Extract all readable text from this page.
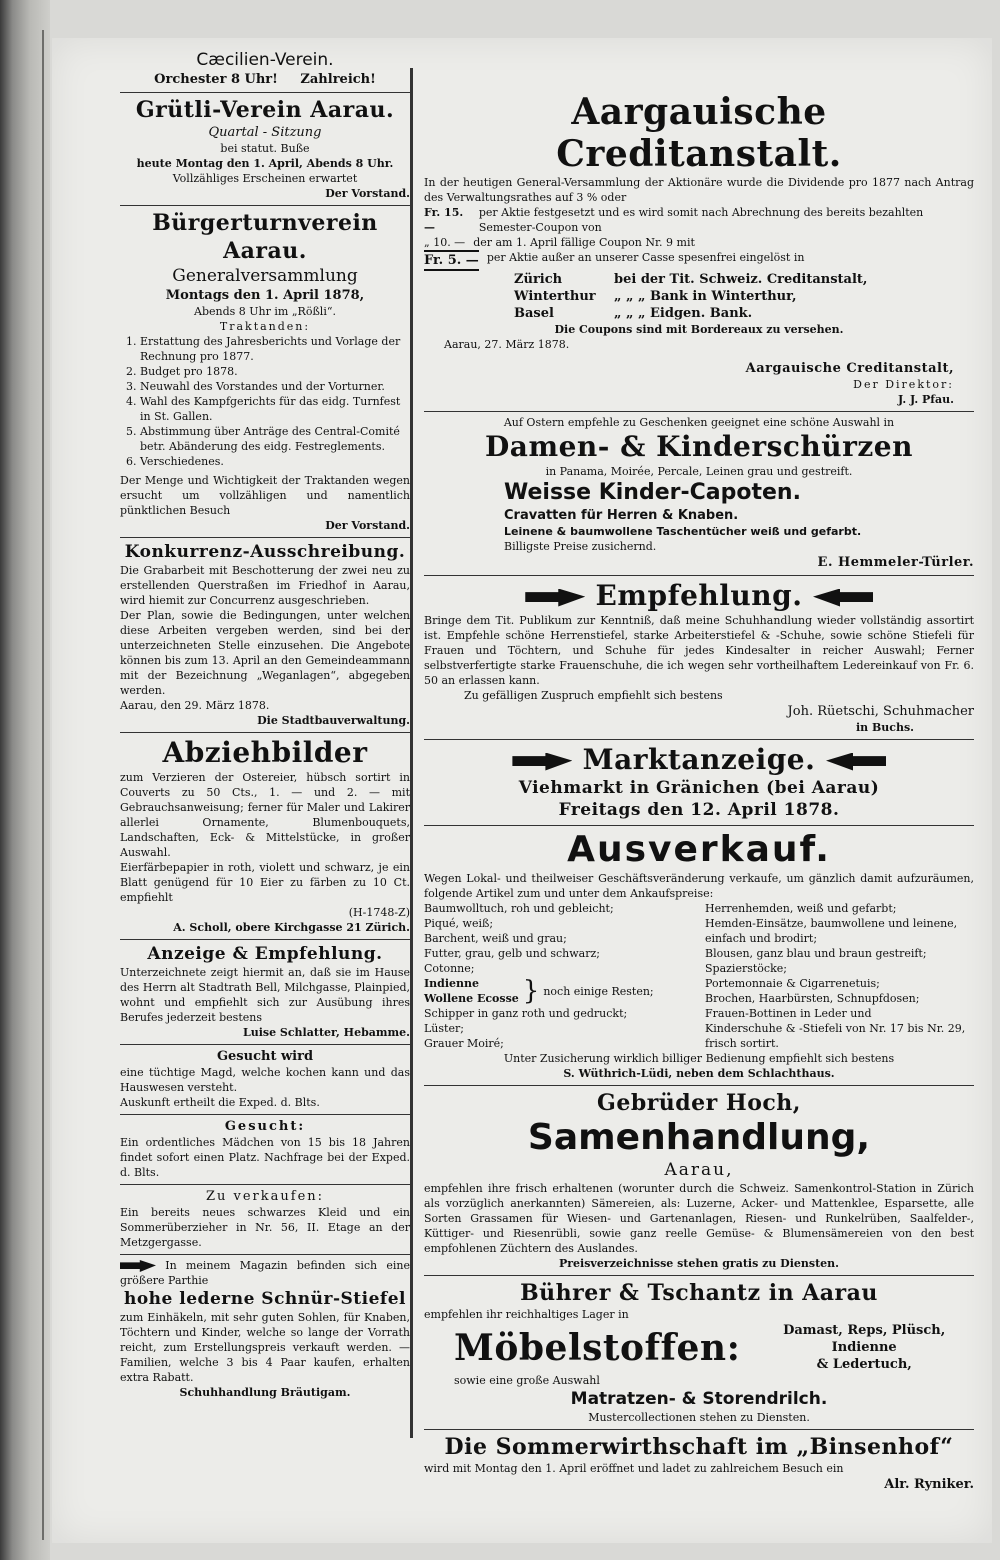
Cæcilien-Verein.
Orchester 8 Uhr! Zahlreich!
Grütli-Verein Aarau.
Quartal - Sitzung
bei statut. Buße
heute Montag den 1. April, Abends 8 Uhr.
Vollzähliges Erscheinen erwartet
Der Vorstand.
Bürgerturnverein Aarau.
Generalversammlung
Montags den 1. April 1878,
Abends 8 Uhr im „Rößli“.
Traktanden:
1. Erstattung des Jahresberichts und Vorlage der Rechnung pro 1877.
2. Budget pro 1878.
3. Neuwahl des Vorstandes und der Vorturner.
4. Wahl des Kampfgerichts für das eidg. Turnfest in St. Gallen.
5. Abstimmung über Anträge des Central-Comité betr. Abänderung des eidg. Festreglements.
6. Verschiedenes.
Der Menge und Wichtigkeit der Traktanden wegen ersucht um vollzähligen und namentlich pünktlichen Besuch
Der Vorstand.
Konkurrenz-Ausschreibung.
Die Grabarbeit mit Beschotterung der zwei neu zu erstellenden Querstraßen im Friedhof in Aarau, wird hiemit zur Concurrenz ausgeschrieben.
Der Plan, sowie die Bedingungen, unter welchen diese Arbeiten vergeben werden, sind bei der unterzeichneten Stelle einzusehen. Die Angebote können bis zum 13. April an den Gemeindeammann mit der Bezeichnung „Weganlagen“, abgegeben werden.
Aarau, den 29. März 1878.
Die Stadtbauverwaltung.
Abziehbilder
zum Verzieren der Ostereier, hübsch sortirt in Couverts zu 50 Cts., 1. — und 2. — mit Gebrauchsanweisung; ferner für Maler und Lakirer allerlei Ornamente, Blumenbouquets, Landschaften, Eck- & Mittelstücke, in großer Auswahl.
Eierfärbepapier in roth, violett und schwarz, je ein Blatt genügend für 10 Eier zu färben zu 10 Ct. empfiehlt
(H-1748-Z)
A. Scholl, obere Kirchgasse 21 Zürich.
Anzeige & Empfehlung.
Unterzeichnete zeigt hiermit an, daß sie im Hause des Herrn alt Stadtrath Bell, Milchgasse, Plainpied, wohnt und empfiehlt sich zur Ausübung ihres Berufes jederzeit bestens
Luise Schlatter, Hebamme.
Gesucht wird
eine tüchtige Magd, welche kochen kann und das Hauswesen versteht.
Auskunft ertheilt die Exped. d. Blts.
Gesucht:
Ein ordentliches Mädchen von 15 bis 18 Jahren findet sofort einen Platz. Nachfrage bei der Exped. d. Blts.
Zu verkaufen:
Ein bereits neues schwarzes Kleid und ein Sommerüberzieher in Nr. 56, II. Etage an der Metzgergasse.
In meinem Magazin befinden sich eine größere Parthie
hohe lederne Schnür-Stiefel
zum Einhäkeln, mit sehr guten Sohlen, für Knaben, Töchtern und Kinder, welche so lange der Vorrath reicht, zum Erstellungspreis verkauft werden. — Familien, welche 3 bis 4 Paar kaufen, erhalten extra Rabatt.
Schuhhandlung Bräutigam.
Aargauische Creditanstalt.
In der heutigen General-Versammlung der Aktionäre wurde die Dividende pro 1877 nach Antrag des Verwaltungsrathes auf 3 % oder
Fr. 15. —
per Aktie festgesetzt und es wird somit nach Abrechnung des bereits bezahlten Semester-Coupon von
„ 10. — der am 1. April fällige Coupon Nr. 9 mit
Fr. 5. — per Aktie außer an unserer Casse spesenfrei eingelöst in
Zürich	bei der Tit. Schweiz. Creditanstalt,
Winterthur	„ „ „ Bank in Winterthur,
Basel	„ „ „ Eidgen. Bank.
Die Coupons sind mit Bordereaux zu versehen.
Aarau, 27. März 1878.
Aargauische Creditanstalt,
Der Direktor:
J. J. Pfau.
Auf Ostern empfehle zu Geschenken geeignet eine schöne Auswahl in
Damen- & Kinderschürzen
in Panama, Moirée, Percale, Leinen grau und gestreift.
Weisse Kinder-Capoten.
Cravatten für Herren & Knaben.
Leinene & baumwollene Taschentücher weiß und gefarbt.
Billigste Preise zusichernd.
E. Hemmeler-Türler.
Empfehlung.
Bringe dem Tit. Publikum zur Kenntniß, daß meine Schuhhandlung wieder vollständig assortirt ist. Empfehle schöne Herrenstiefel, starke Arbeiterstiefel & -Schuhe, sowie schöne Stiefeli für Frauen und Töchtern, und Schuhe für jedes Kindesalter in reicher Auswahl; Ferner selbstverfertigte starke Frauenschuhe, die ich wegen sehr vortheilhaftem Ledereinkauf von Fr. 6. 50 an erlassen kann.
Zu gefälligen Zuspruch empfiehlt sich bestens
Joh. Rüetschi, Schuhmacher
in Buchs.
Marktanzeige.
Viehmarkt in Gränichen (bei Aarau)
Freitags den 12. April 1878.
Ausverkauf.
Wegen Lokal- und theilweiser Geschäftsveränderung verkaufe, um gänzlich damit aufzuräumen, folgende Artikel zum und unter dem Ankaufspreise:
Baumwolltuch, roh und gebleicht;
Piqué, weiß;
Barchent, weiß und grau;
Futter, grau, gelb und schwarz;
Cotonne;
Indienne
Wollene Ecosse } noch einige Resten;
Schipper in ganz roth und gedruckt;
Lüster;
Grauer Moiré;
Herrenhemden, weiß und gefarbt;
Hemden-Einsätze, baumwollene und leinene, einfach und brodirt;
Blousen, ganz blau und braun gestreift;
Spazierstöcke;
Portemonnaie & Cigarrenetuis;
Brochen, Haarbürsten, Schnupfdosen;
Frauen-Bottinen in Leder und
Kinderschuhe & -Stiefeli von Nr. 17 bis Nr. 29, frisch sortirt.
Unter Zusicherung wirklich billiger Bedienung empfiehlt sich bestens
S. Wüthrich-Lüdi, neben dem Schlachthaus.
Gebrüder Hoch,
Samenhandlung,
Aarau,
empfehlen ihre frisch erhaltenen (worunter durch die Schweiz. Samenkontrol-Station in Zürich als vorzüglich anerkannten) Sämereien, als: Luzerne, Acker- und Mattenklee, Esparsette, alle Sorten Grassamen für Wiesen- und Gartenanlagen, Riesen- und Runkelrüben, Saalfelder-, Küttiger- und Riesenrübli, sowie ganz reelle Gemüse- & Blumensämereien von den best empfohlenen Züchtern des Auslandes.
Preisverzeichnisse stehen gratis zu Diensten.
Bührer & Tschantz in Aarau
empfehlen ihr reichhaltiges Lager in
Möbelstoffen:	Damast, Reps, Plüsch, Indienne
& Ledertuch,
sowie eine große Auswahl
Matratzen- & Storendrilch.
Mustercollectionen stehen zu Diensten.
Die Sommerwirthschaft im „Binsenhof“
wird mit Montag den 1. April eröffnet und ladet zu zahlreichem Besuch ein
Alr. Ryniker.
